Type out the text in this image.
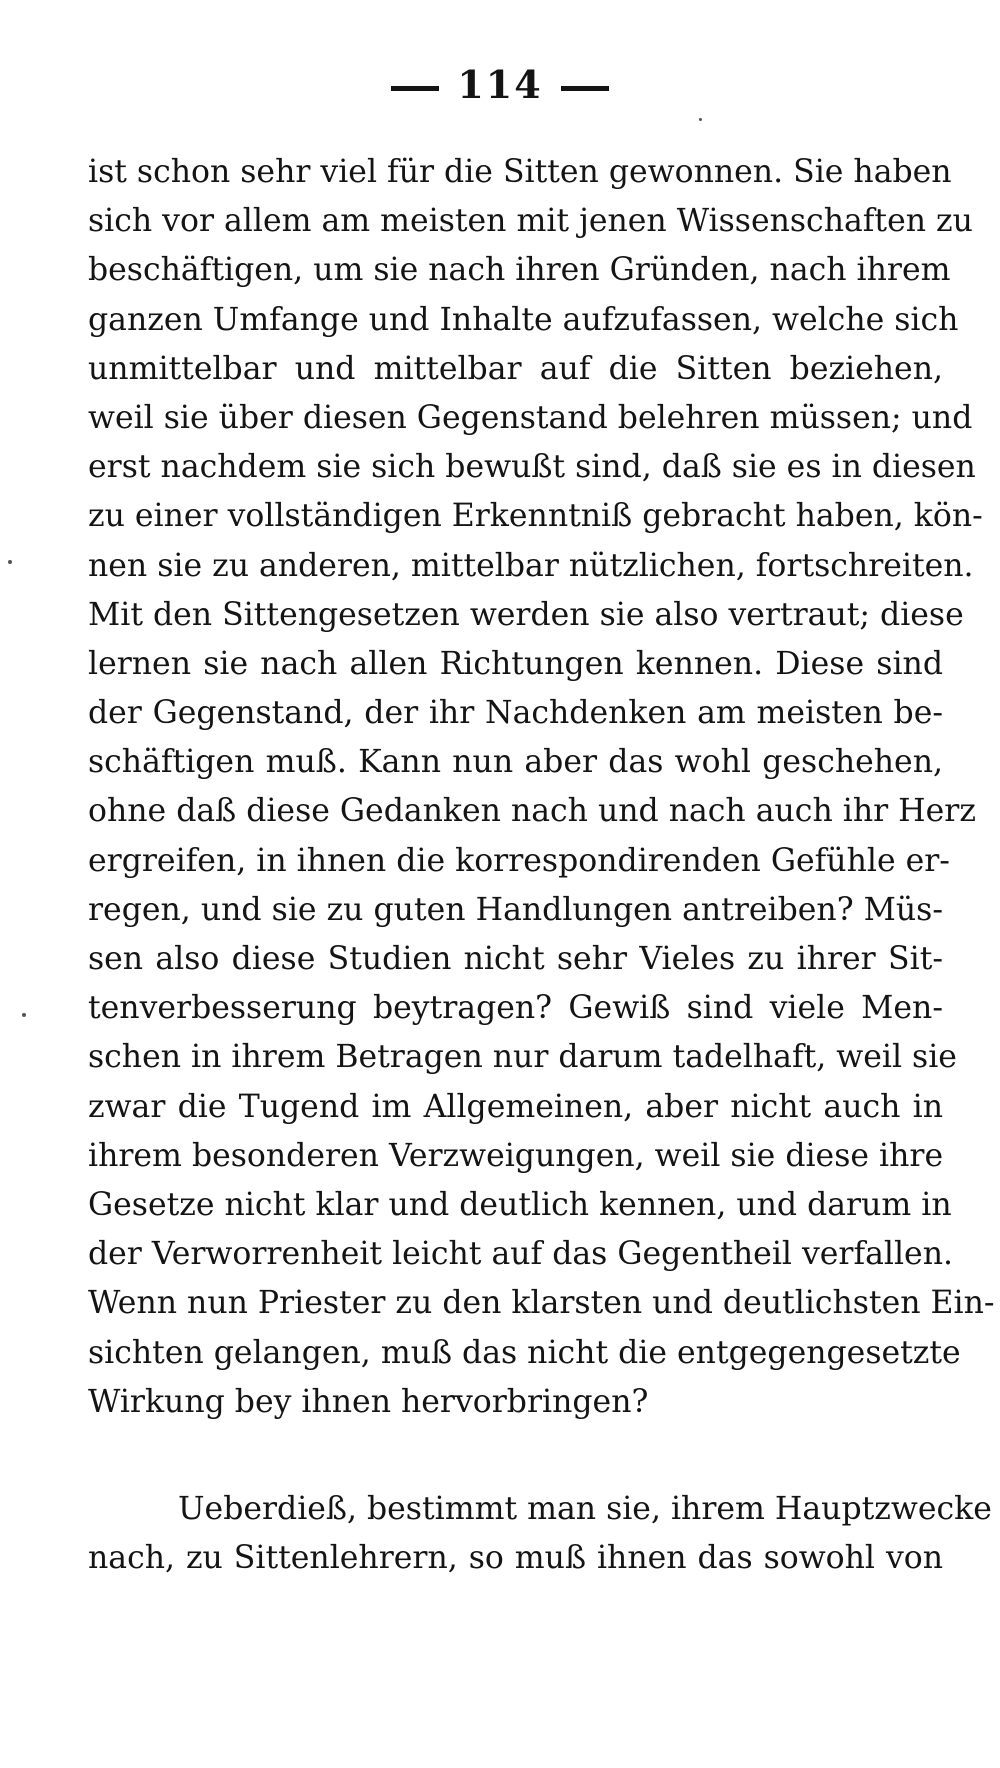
114
ist schon sehr viel für die Sitten gewonnen. Sie haben
sich vor allem am meisten mit jenen Wissenschaften zu
beschäftigen, um sie nach ihren Gründen, nach ihrem
ganzen Umfange und Inhalte aufzufassen, welche sich
unmittelbar und mittelbar auf die Sitten beziehen,
weil sie über diesen Gegenstand belehren müssen; und
erst nachdem sie sich bewußt sind, daß sie es in diesen
zu einer vollständigen Erkenntniß gebracht haben, kön-
nen sie zu anderen, mittelbar nützlichen, fortschreiten.
Mit den Sittengesetzen werden sie also vertraut; diese
lernen sie nach allen Richtungen kennen. Diese sind
der Gegenstand, der ihr Nachdenken am meisten be-
schäftigen muß. Kann nun aber das wohl geschehen,
ohne daß diese Gedanken nach und nach auch ihr Herz
ergreifen, in ihnen die korrespondirenden Gefühle er-
regen, und sie zu guten Handlungen antreiben? Müs-
sen also diese Studien nicht sehr Vieles zu ihrer Sit-
tenverbesserung beytragen? Gewiß sind viele Men-
schen in ihrem Betragen nur darum tadelhaft, weil sie
zwar die Tugend im Allgemeinen, aber nicht auch in
ihrem besonderen Verzweigungen, weil sie diese ihre
Gesetze nicht klar und deutlich kennen, und darum in
der Verworrenheit leicht auf das Gegentheil verfallen.
Wenn nun Priester zu den klarsten und deutlichsten Ein-
sichten gelangen, muß das nicht die entgegengesetzte
Wirkung bey ihnen hervorbringen?
Ueberdieß, bestimmt man sie, ihrem Hauptzwecke
nach, zu Sittenlehrern, so muß ihnen das sowohl von
